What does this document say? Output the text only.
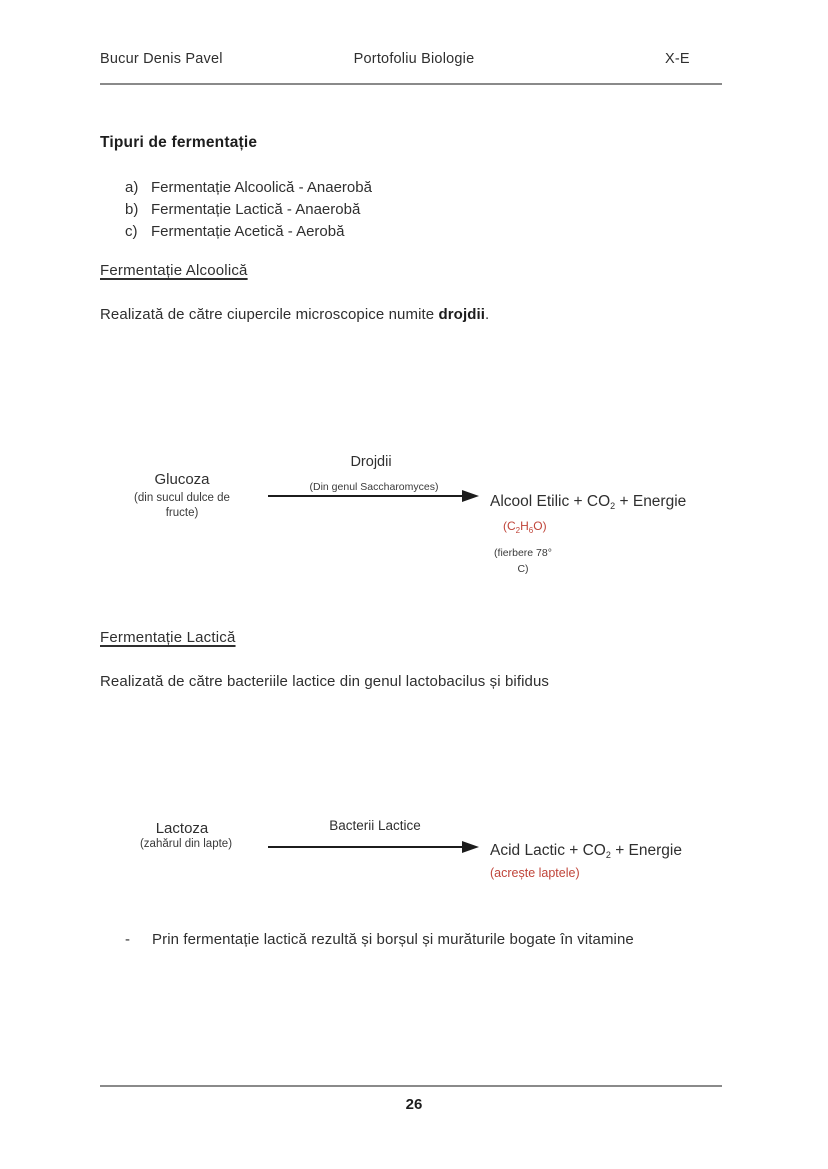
Bucur Denis Pavel	Portofoliu Biologie	X-E
Tipuri de fermentație
a) Fermentație Alcoolică - Anaerobă
b) Fermentație Lactică - Anaerobă
c) Fermentație Acetică - Aerobă
Fermentație Alcoolică
Realizată de către ciupercile microscopice numite drojdii.
Drojdii
Glucoza	(Din genul Saccharomyces)
(din sucul dulce de
fructe)
Alcool Etilic + $CO_2$ + Energie
$(C_2H_6O)$
(fierbere 78°
C)
Fermentație Lactică
Realizată de către bacteriile lactice din genul lactobacilus și bifidus
Lactoza
(zahărul din lapte)
Bacterii Lactice
Acid Lactic + $CO_2$ + Energie
(acrește laptele)
-	Prin fermentație lactică rezultă și borșul și murăturile bogate în vitamine
26
